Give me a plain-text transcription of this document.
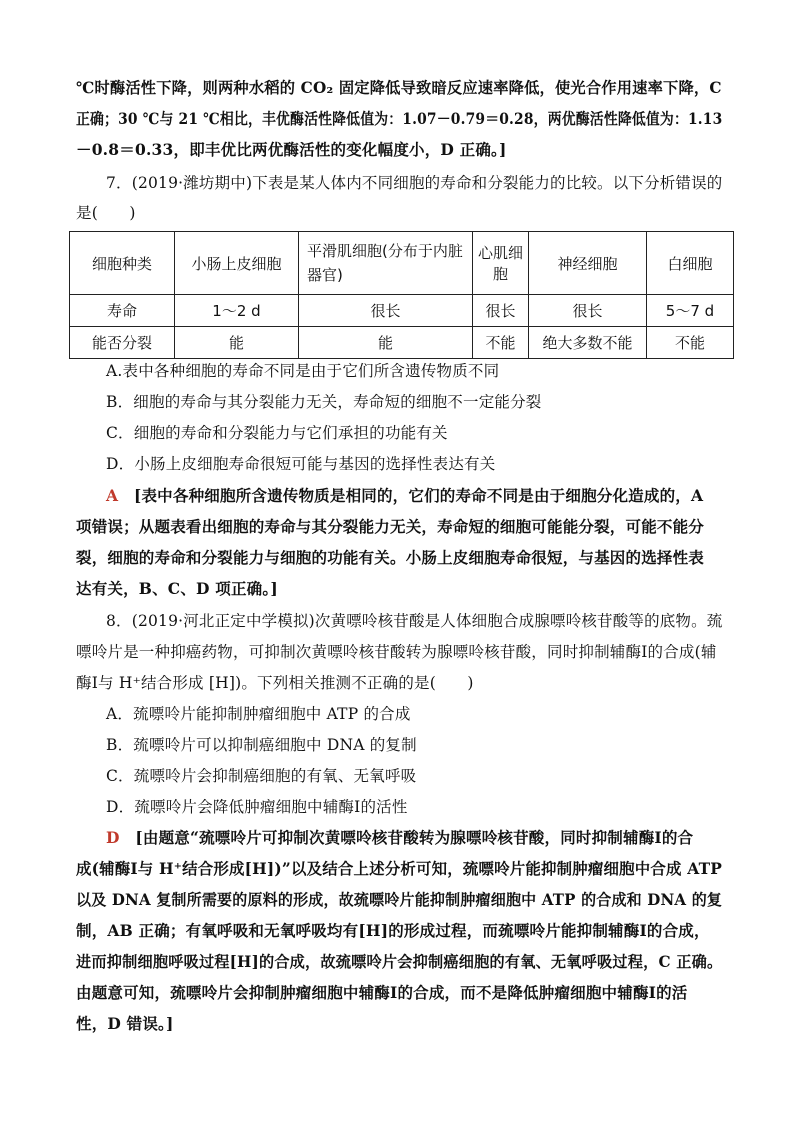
℃时酶活性下降，则两种水稻的 CO₂ 固定降低导致暗反应速率降低，使光合作用速率下降，C
正确；30 ℃与 21 ℃相比，丰优酶活性降低值为：1.07－0.79＝0.28，两优酶活性降低值为：1.13
－0.8＝0.33，即丰优比两优酶活性的变化幅度小，D 正确。]
7．(2019·潍坊期中)下表是某人体内不同细胞的寿命和分裂能力的比较。以下分析错误的
是(　　)
细胞种类	小肠上皮细胞	平滑肌细胞(分布于内脏器官)	心肌细胞	神经细胞	白细胞
寿命	1～2 d	很长	很长	很长	5～7 d
能否分裂	能	能	不能	绝大多数不能	不能
A.表中各种细胞的寿命不同是由于它们所含遗传物质不同
B．细胞的寿命与其分裂能力无关，寿命短的细胞不一定能分裂
C．细胞的寿命和分裂能力与它们承担的功能有关
D．小肠上皮细胞寿命很短可能与基因的选择性表达有关
A　 [表中各种细胞所含遗传物质是相同的，它们的寿命不同是由于细胞分化造成的，A
项错误；从题表看出细胞的寿命与其分裂能力无关，寿命短的细胞可能能分裂，可能不能分
裂，细胞的寿命和分裂能力与细胞的功能有关。小肠上皮细胞寿命很短，与基因的选择性表
达有关，B、C、D 项正确。]
8．(2019·河北正定中学模拟)次黄嘌呤核苷酸是人体细胞合成腺嘌呤核苷酸等的底物。巯
嘌呤片是一种抑癌药物，可抑制次黄嘌呤核苷酸转为腺嘌呤核苷酸，同时抑制辅酶Ⅰ的合成(辅
酶Ⅰ与 H⁺结合形成 [H])。下列相关推测不正确的是(　　)
A．巯嘌呤片能抑制肿瘤细胞中 ATP 的合成
B．巯嘌呤片可以抑制癌细胞中 DNA 的复制
C．巯嘌呤片会抑制癌细胞的有氧、无氧呼吸
D．巯嘌呤片会降低肿瘤细胞中辅酶Ⅰ的活性
D　 [由题意“巯嘌呤片可抑制次黄嘌呤核苷酸转为腺嘌呤核苷酸，同时抑制辅酶Ⅰ的合
成(辅酶Ⅰ与 H⁺结合形成[H])”以及结合上述分析可知，巯嘌呤片能抑制肿瘤细胞中合成 ATP
以及 DNA 复制所需要的原料的形成，故巯嘌呤片能抑制肿瘤细胞中 ATP 的合成和 DNA 的复
制，AB 正确；有氧呼吸和无氧呼吸均有[H]的形成过程，而巯嘌呤片能抑制辅酶Ⅰ的合成，
进而抑制细胞呼吸过程[H]的合成，故巯嘌呤片会抑制癌细胞的有氧、无氧呼吸过程，C 正确。
由题意可知，巯嘌呤片会抑制肿瘤细胞中辅酶Ⅰ的合成，而不是降低肿瘤细胞中辅酶Ⅰ的活
性，D 错误。]
